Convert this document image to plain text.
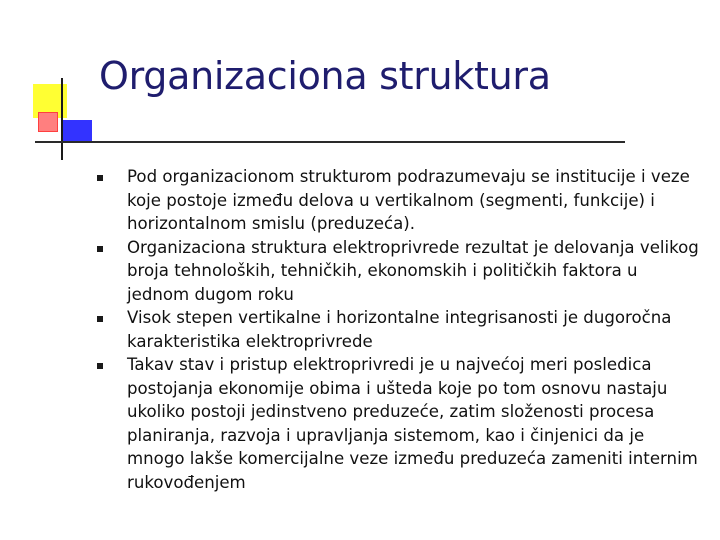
Organizaciona struktura
Pod organizacionom strukturom podrazumevaju se institucije i veze koje postoje između delova u vertikalnom (segmenti, funkcije) i horizontalnom smislu (preduzeća).
Organizaciona struktura elektroprivrede rezultat je delovanja velikog broja tehnoloških, tehničkih, ekonomskih i političkih faktora u jednom dugom roku
Visok stepen vertikalne i horizontalne integrisanosti je dugoročna karakteristika elektroprivrede
Takav stav i pristup elektroprivredi je u najvećoj meri posledica postojanja ekonomije obima i ušteda koje po tom osnovu nastaju ukoliko postoji jedinstveno preduzeće, zatim složenosti procesa planiranja, razvoja i upravljanja sistemom, kao i činjenici da je mnogo lakše komercijalne veze između preduzeća zameniti internim rukovođenjem
